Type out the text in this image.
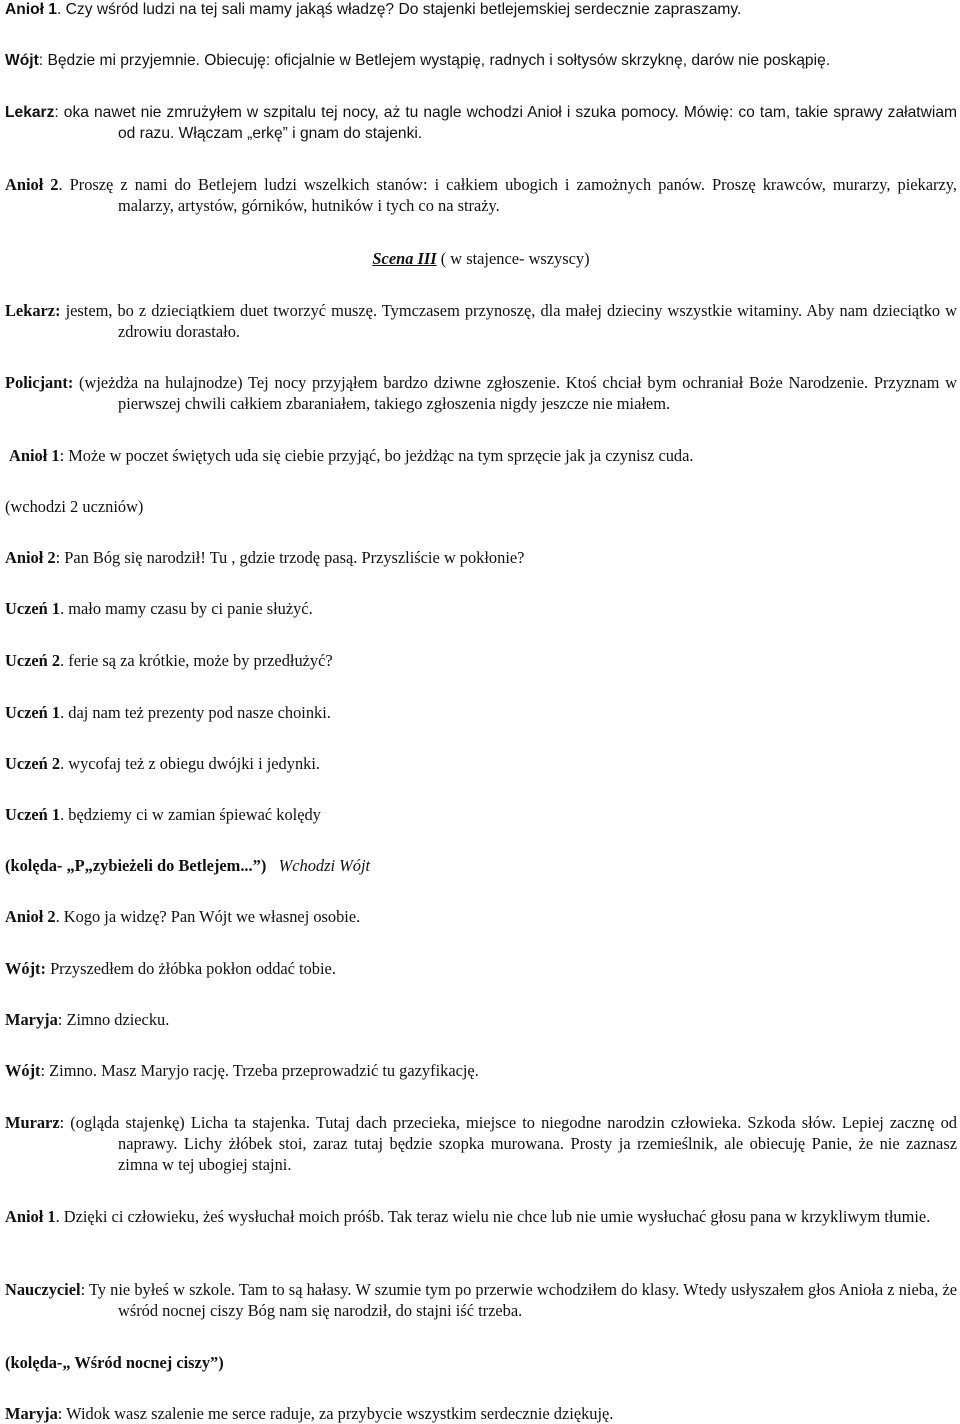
Anioł 1. Czy wśród ludzi na tej sali mamy jakąś władzę? Do stajenki betlejemskiej serdecznie zapraszamy.

Wójt: Będzie mi przyjemnie. Obiecuję: oficjalnie w Betlejem wystąpię, radnych i sołtysów skrzyknę, darów nie poskąpię.

Lekarz: oka nawet nie zmrużyłem w szpitalu tej nocy, aż tu nagle wchodzi Anioł i szuka pomocy. Mówię: co tam, takie sprawy załatwiam od razu. Włączam „erkę” i gnam do stajenki.

Anioł 2. Proszę z nami do Betlejem ludzi wszelkich stanów: i całkiem ubogich i zamożnych panów. Proszę krawców, murarzy, piekarzy, malarzy, artystów, górników, hutników i tych co na straży.

Scena III ( w stajence- wszyscy)

Lekarz: jestem, bo z dzieciątkiem duet tworzyć muszę. Tymczasem przynoszę, dla małej dzieciny wszystkie witaminy. Aby nam dzieciątko w zdrowiu dorastało.

Policjant: (wjeżdża na hulajnodze) Tej nocy przyjąłem bardzo dziwne zgłoszenie. Ktoś chciał bym ochraniał Boże Narodzenie. Przyznam w pierwszej chwili całkiem zbaraniałem, takiego zgłoszenia nigdy jeszcze nie miałem.

Anioł 1: Może w poczet świętych uda się ciebie przyjąć, bo jeżdżąc na tym sprzęcie jak ja czynisz cuda.

(wchodzi 2 uczniów)

Anioł 2: Pan Bóg się narodził! Tu , gdzie trzodę pasą. Przyszliście w pokłonie?

Uczeń 1. mało mamy czasu by ci panie służyć.

Uczeń 2. ferie są za krótkie, może by przedłużyć?

Uczeń 1. daj nam też prezenty pod nasze choinki.

Uczeń 2. wycofaj też z obiegu dwójki i jedynki.

Uczeń 1. będziemy ci w zamian śpiewać kolędy

(kolęda- „P„zybieżeli do Betlejem...”) Wchodzi Wójt

Anioł 2. Kogo ja widzę? Pan Wójt we własnej osobie.

Wójt: Przyszedłem do żłóbka pokłon oddać tobie.

Maryja: Zimno dziecku.

Wójt: Zimno. Masz Maryjo rację. Trzeba przeprowadzić tu gazyfikację.

Murarz: (ogląda stajenkę) Licha ta stajenka. Tutaj dach przecieka, miejsce to niegodne narodzin człowieka. Szkoda słów. Lepiej zacznę od naprawy. Lichy żłóbek stoi, zaraz tutaj będzie szopka murowana. Prosty ja rzemieślnik, ale obiecuję Panie, że nie zaznasz zimna w tej ubogiej stajni.

Anioł 1. Dzięki ci człowieku, żeś wysłuchał moich próśb. Tak teraz wielu nie chce lub nie umie wysłuchać głosu pana w krzykliwym tłumie.

Nauczyciel: Ty nie byłeś w szkole. Tam to są hałasy. W szumie tym po przerwie wchodziłem do klasy. Wtedy usłyszałem głos Anioła z nieba, że wśród nocnej ciszy Bóg nam się narodził, do stajni iść trzeba.

(kolęda-„ Wśród nocnej ciszy”)

Maryja: Widok wasz szalenie me serce raduje, za przybycie wszystkim serdecznie dziękuję.
